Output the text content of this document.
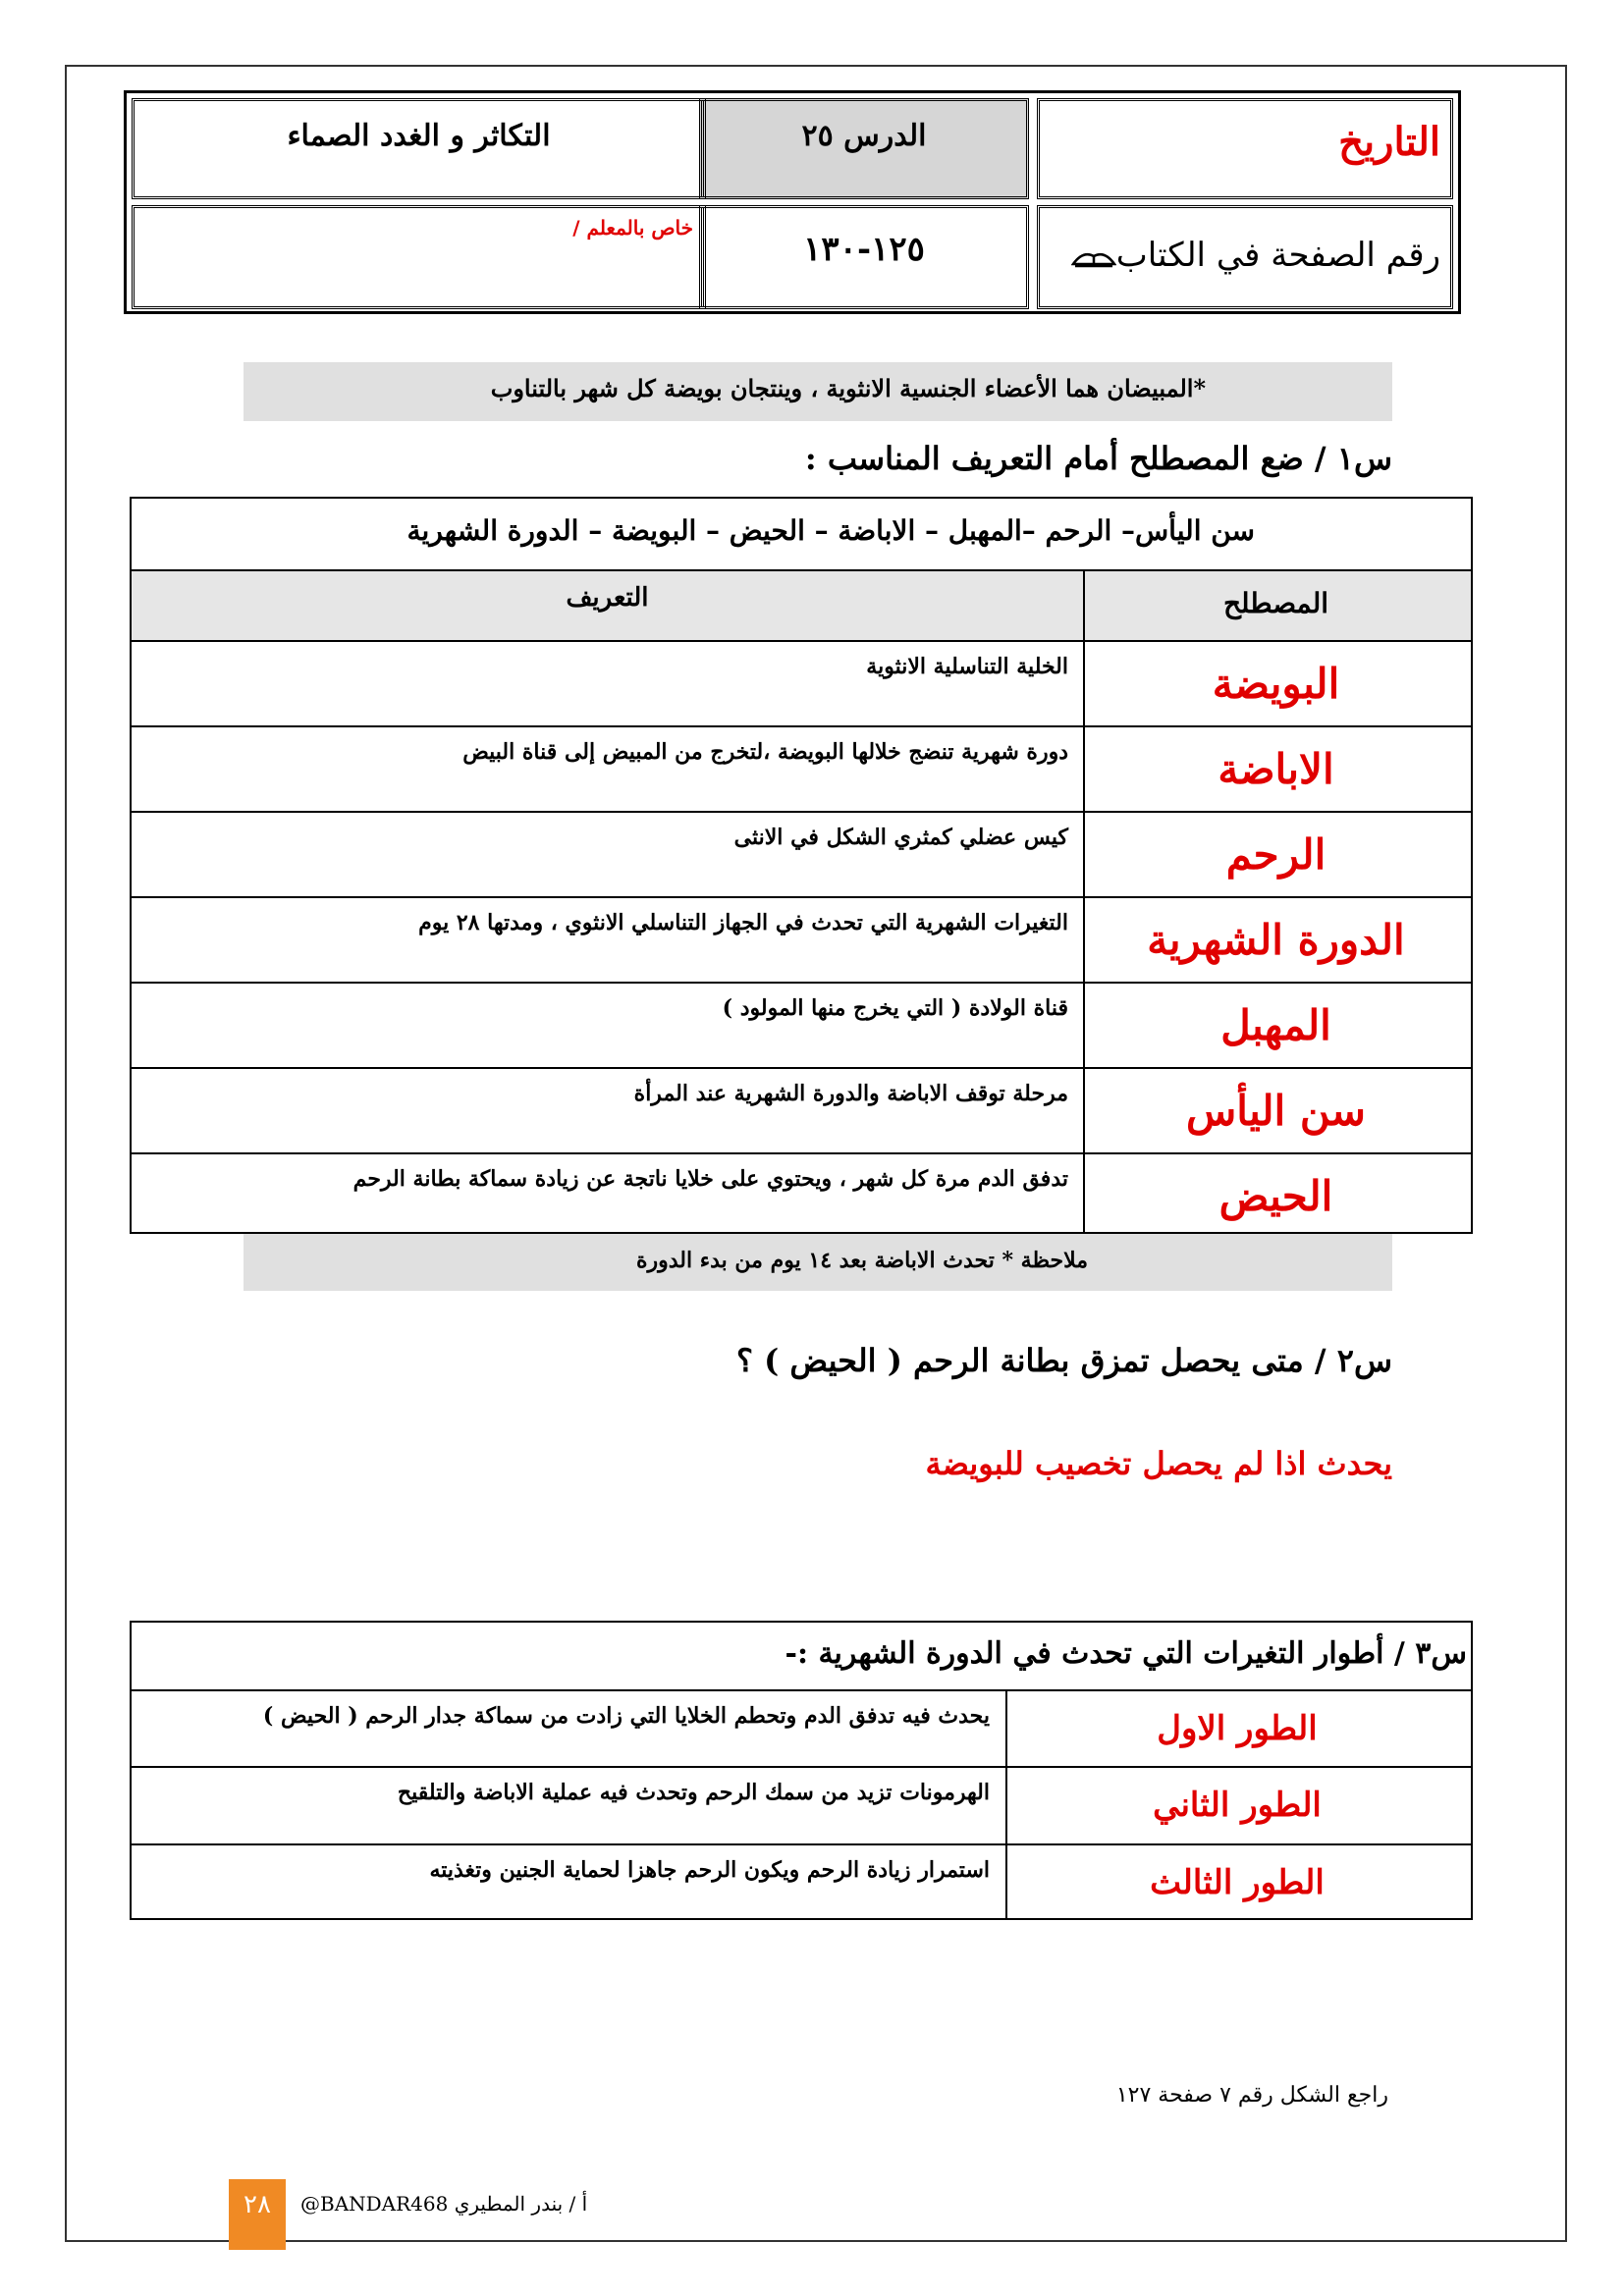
التاريخ
الدرس ٢٥
التكاثر و الغدد الصماء
رقم الصفحة في الكتاب
١٢٥-١٣٠
خاص بالمعلم /
*المبيضان هما الأعضاء الجنسية الانثوية ، وينتجان بويضة كل شهر بالتناوب
س١ / ضع المصطلح أمام التعريف المناسب :
سن اليأس– الرحم –المهبل – الاباضة – الحيض – البويضة – الدورة الشهرية
المصطلح
التعريف
البويضة
الخلية التناسلية الانثوية
الاباضة
دورة شهرية تنضج خلالها البويضة ،لتخرج من المبيض إلى قناة البيض
الرحم
كيس عضلي كمثري الشكل في الانثى
الدورة الشهرية
التغيرات الشهرية التي تحدث في الجهاز التناسلي الانثوي ، ومدتها ٢٨ يوم
المهبل
قناة الولادة ( التي يخرج منها المولود )
سن اليأس
مرحلة توقف الاباضة والدورة الشهرية عند المرأة
الحيض
تدفق الدم مرة كل شهر ، ويحتوي على خلايا ناتجة عن زيادة سماكة بطانة الرحم
ملاحظة * تحدث الاباضة بعد ١٤ يوم من بدء الدورة
س٢ / متى يحصل تمزق بطانة الرحم ( الحيض ) ؟
يحدث اذا لم يحصل تخصيب للبويضة
س٣ / أطوار التغيرات التي تحدث في الدورة الشهرية :-
الطور الاول
يحدث فيه تدفق الدم وتحطم الخلايا التي زادت من سماكة جدار الرحم ( الحيض )
الطور الثاني
الهرمونات تزيد من سمك الرحم وتحدث فيه عملية الاباضة والتلقيح
الطور الثالث
استمرار زيادة الرحم ويكون الرحم جاهزا لحماية الجنين وتغذيته
راجع الشكل رقم ٧ صفحة ١٢٧
@BANDAR468 أ / بندر المطيري
٢٨
